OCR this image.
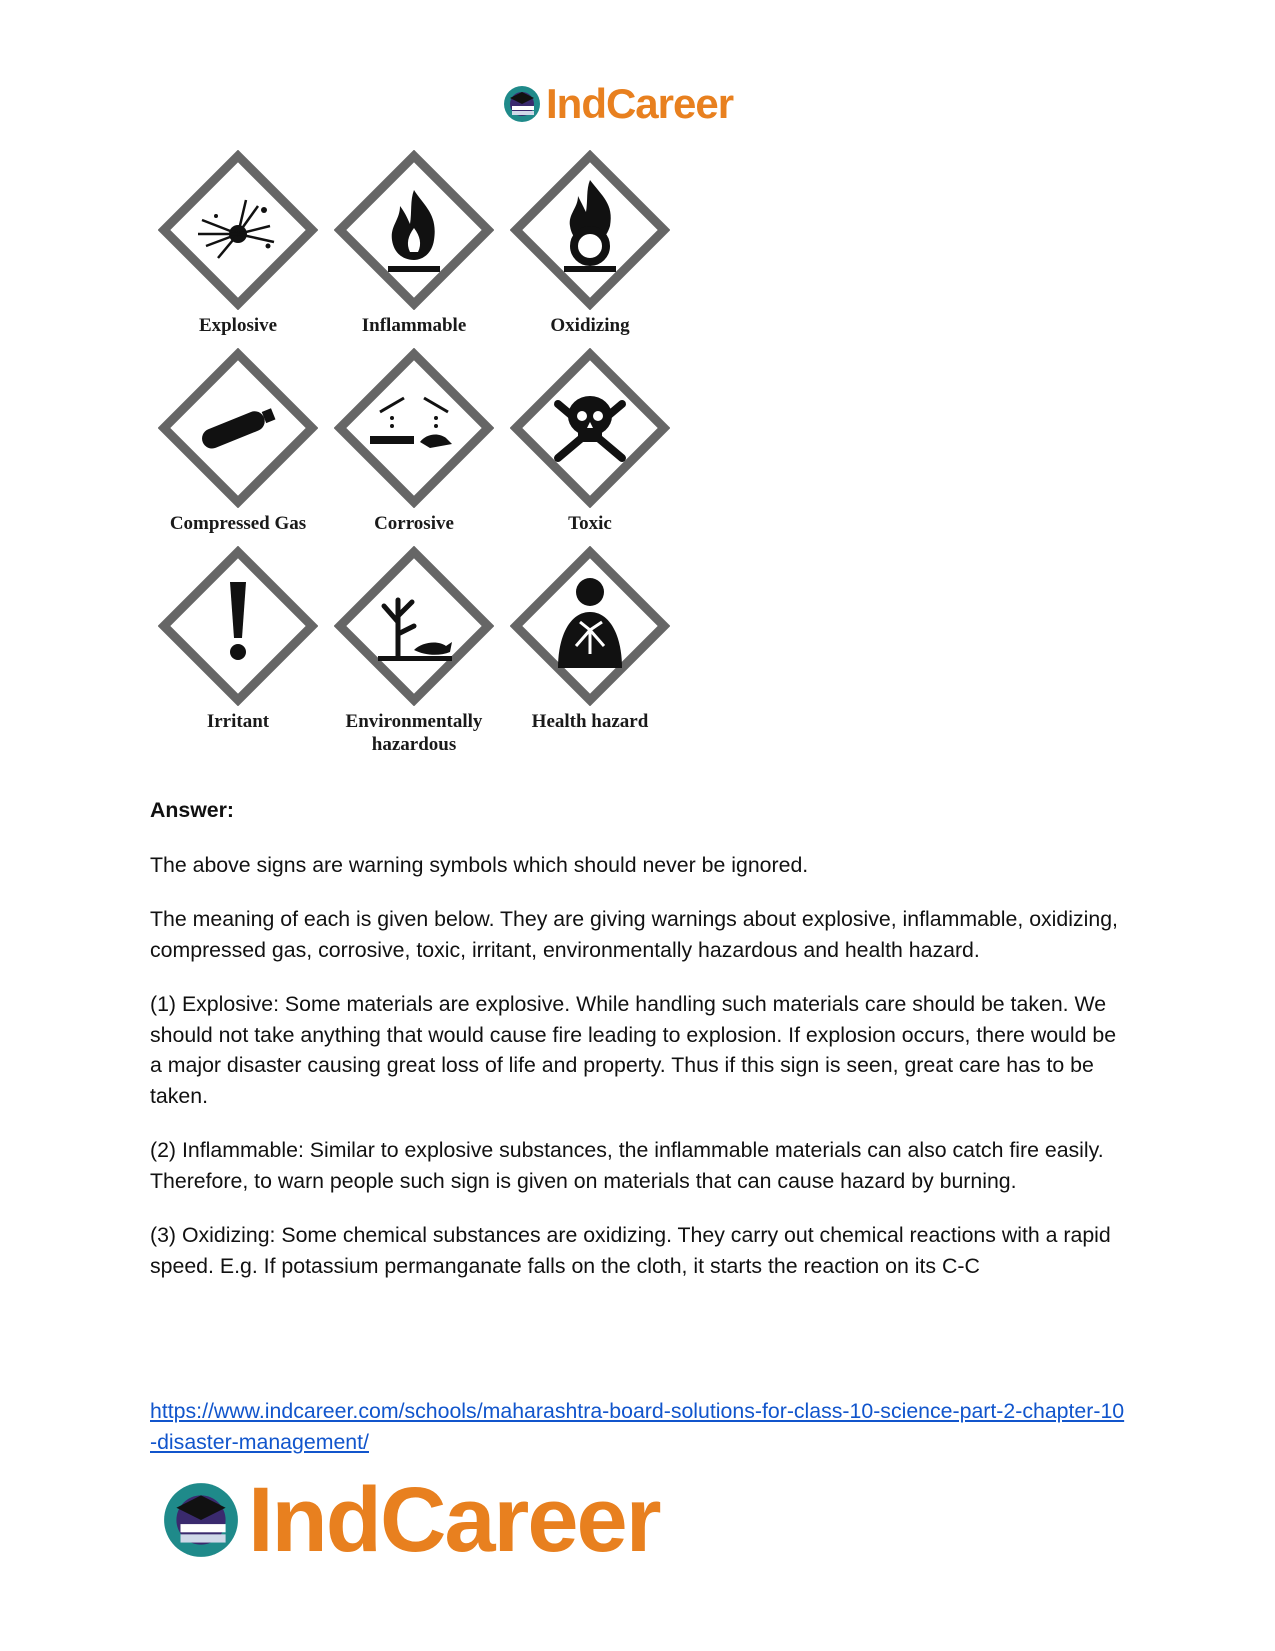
IndCareer
Explosive	Inflammable	Oxidizing
Compressed Gas	Corrosive	Toxic
Irritant	Environmentally hazardous
Health hazard

Answer:

The above signs are warning symbols which should never be ignored.

The meaning of each is given below. They are giving warnings about explosive, inflammable, oxidizing, compressed gas, corrosive, toxic, irritant, environmentally hazardous and health hazard.

(1) Explosive: Some materials are explosive. While handling such materials care should be taken. We should not take anything that would cause fire leading to explosion. If explosion occurs, there would be a major disaster causing great loss of life and property. Thus if this sign is seen, great care has to be taken.

(2) Inflammable: Similar to explosive substances, the inflammable materials can also catch fire easily. Therefore, to warn people such sign is given on materials that can cause hazard by burning.

(3) Oxidizing: Some chemical substances are oxidizing. They carry out chemical reactions with a rapid speed. E.g. If potassium permanganate falls on the cloth, it starts the reaction on its C-C

https://www.indcareer.com/schools/maharashtra-board-solutions-for-class-10-science-part-2-chapter-10-disaster-management/
IndCareer
